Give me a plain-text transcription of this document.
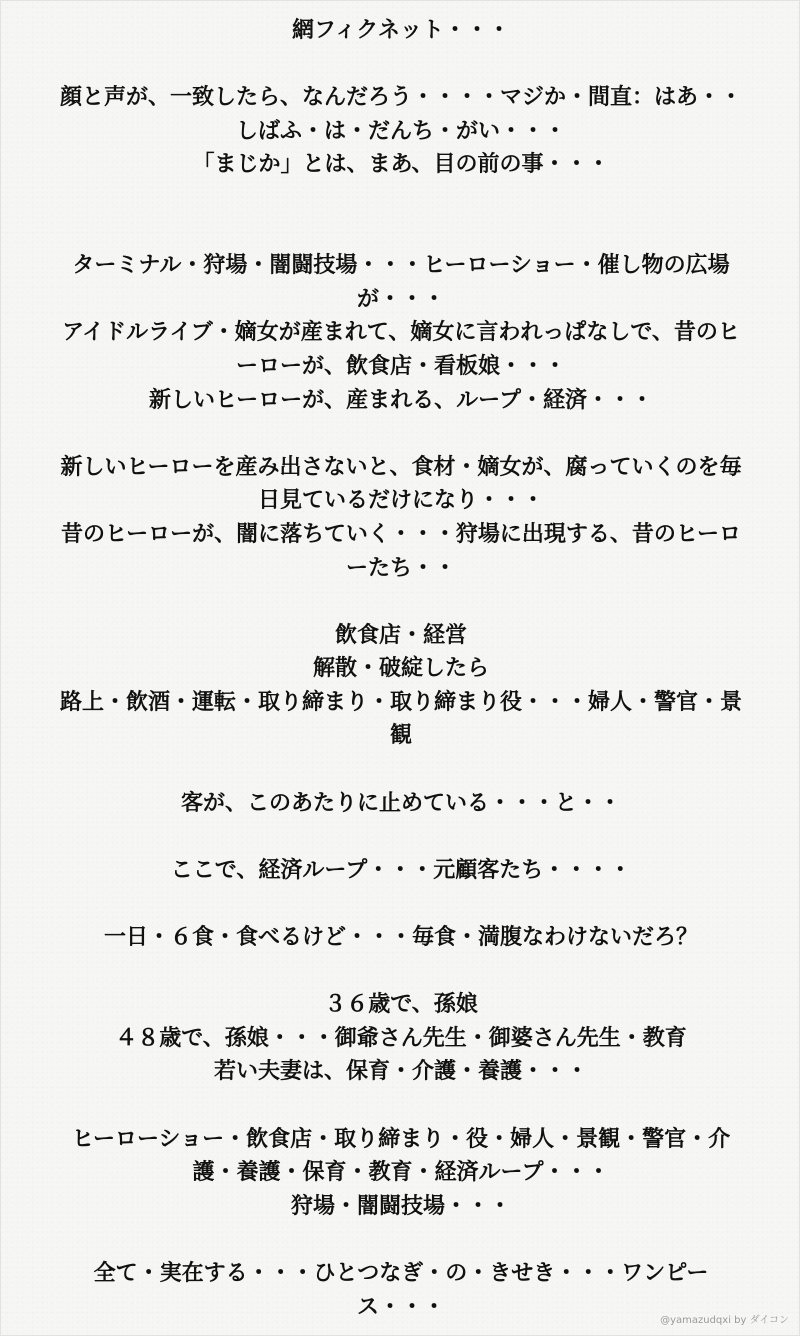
網フィクネット・・・
顔と声が、一致したら、なんだろう・・・・マジか・間直：はあ・・
しばふ・は・だんち・がい・・・
「まじか」とは、まあ、目の前の事・・・
ターミナル・狩場・闇闘技場・・・ヒーローショー・催し物の広場
が・・・
アイドルライブ・嫡女が産まれて、嫡女に言われっぱなしで、昔のヒ
ーローが、飲食店・看板娘・・・
新しいヒーローが、産まれる、ループ・経済・・・
新しいヒーローを産み出さないと、食材・嫡女が、腐っていくのを毎
日見ているだけになり・・・
昔のヒーローが、闇に落ちていく・・・狩場に出現する、昔のヒーロ
ーたち・・
飲食店・経営
解散・破綻したら
路上・飲酒・運転・取り締まり・取り締まり役・・・婦人・警官・景
観
客が、このあたりに止めている・・・と・・
ここで、経済ループ・・・元顧客たち・・・・
一日・６食・食べるけど・・・毎食・満腹なわけないだろ？
３６歳で、孫娘
４８歳で、孫娘・・・御爺さん先生・御婆さん先生・教育
若い夫妻は、保育・介護・養護・・・
ヒーローショー・飲食店・取り締まり・役・婦人・景観・警官・介
護・養護・保育・教育・経済ループ・・・
狩場・闇闘技場・・・
全て・実在する・・・ひとつなぎ・の・きせき・・・ワンピー
ス・・・
@yamazudqxi by ダイコン
